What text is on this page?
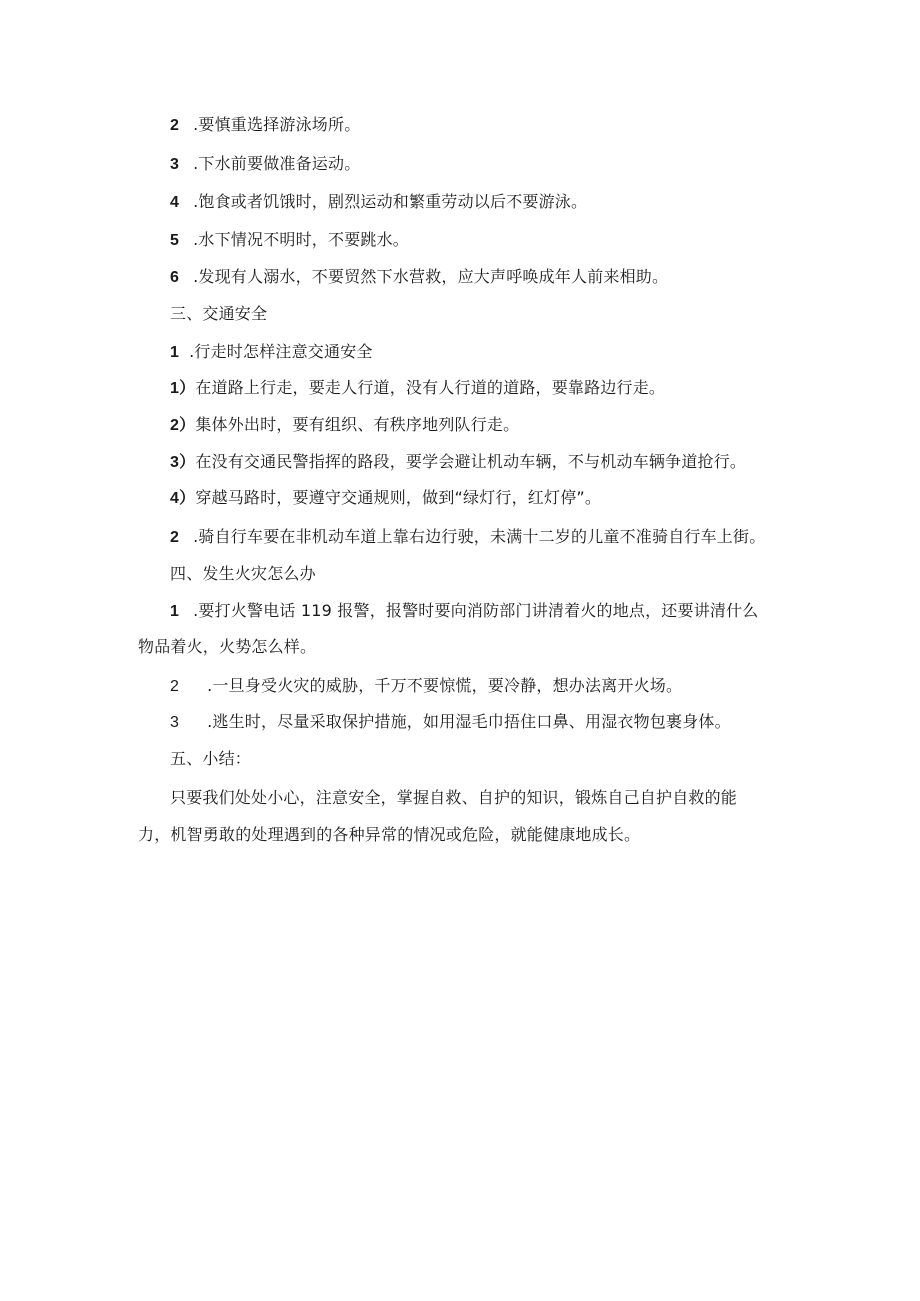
2 .要慎重选择游泳场所。
3 .下水前要做准备运动。
4 .饱食或者饥饿时，剧烈运动和繁重劳动以后不要游泳。
5 .水下情况不明时，不要跳水。
6 .发现有人溺水，不要贸然下水营救，应大声呼唤成年人前来相助。
三、交通安全
1 .行走时怎样注意交通安全
1）在道路上行走，要走人行道，没有人行道的道路，要靠路边行走。
2）集体外出时，要有组织、有秩序地列队行走。
3）在没有交通民警指挥的路段，要学会避让机动车辆，不与机动车辆争道抢行。
4）穿越马路时，要遵守交通规则，做到“绿灯行，红灯停”。
2 .骑自行车要在非机动车道上靠右边行驶，未满十二岁的儿童不准骑自行车上街。
四、发生火灾怎么办
1 .要打火警电话 119 报警，报警时要向消防部门讲清着火的地点，还要讲清什么
物品着火，火势怎么样。
2 .一旦身受火灾的威胁，千万不要惊慌，要冷静，想办法离开火场。
3 .逃生时，尽量采取保护措施，如用湿毛巾捂住口鼻、用湿衣物包裹身体。
五、小结：
只要我们处处小心，注意安全，掌握自救、自护的知识，锻炼自己自护自救的能
力，机智勇敢的处理遇到的各种异常的情况或危险，就能健康地成长。
